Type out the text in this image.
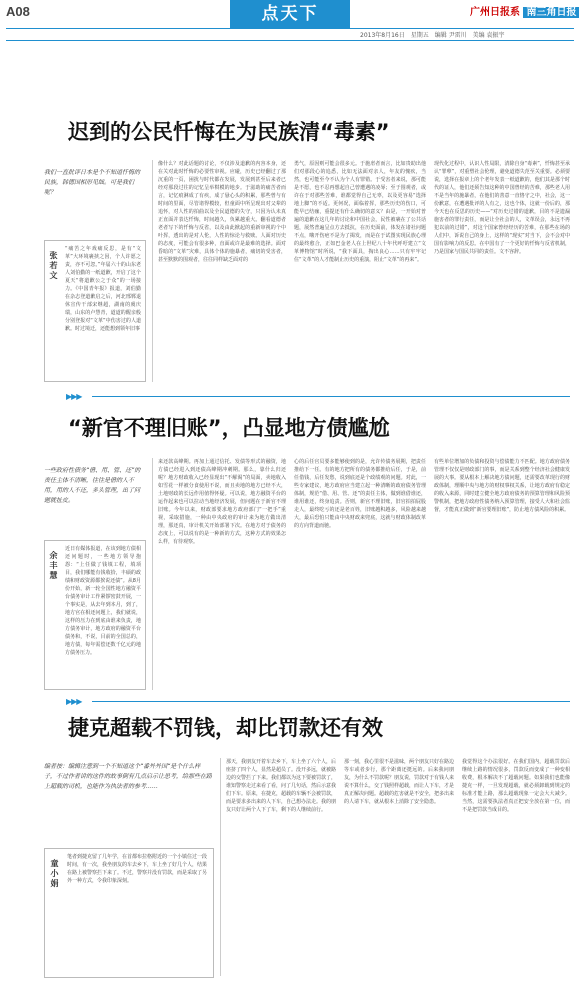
A08	点天下	广州日报系 南三角日报
2013年8月16日　星期五　编辑 尹雷川　美编 袁振宇
迟到的公民忏悔在为民族清“毒素”
我们一直批评日本是个不知道忏悔的民族，韩德国相形见绌。可是我们呢？
张若文
“痛苦之年戏痛反思，是有“文革”大环境裹挟之因，个人许愿之责，亦不可忽。”年届六十的山东老人刘伯勤的一纸道歉，开启了这个夏天“将道歉公之于众”的一场接力。《中国青年报》报道，刘伯勤在杂志登道歉启之后，河北邢郸退休宣传干部宋继超，湖南的虞庆瑞，山东的卢慧青，道道的醒亲般分别登报对“文革”中伤害过的人道歉。时过境迁，还能想到领年旧事
像什么？对此话题的讨论，不仅涉及道歉的内容本身，还在关对此时忏悔的必要性审视。应碰，历史已经翻过了那沉重的一页，困扰与时代都在发展，发展到甚至后来者已经对那段过往的记忆呈举棋模的地步。于滋助的痛苦者而言，记忆痕淋成了有疾，成了悬心头的积累，那些曾与有时间的里面，尽管诸得模较，但童面中所呈现出对父辈的追怀，对人性的拍曲以及全民道德的失守，只因为认未真正直面并表达忏悔，时间越久，负累越重大。翻看道德者老者写下的忏悔与反省，以及由此掀起的重新审视的个中叶挥，透出的是对人伦，人性的惊论与救赎。人面对历史的态度，可能会有很多种，直面或许是最难的选择。面对昏暗的“文革”灾难，具体个体的施暴者，痛切的受害者，甚至默默的围观者，往往同样缺乏面对的
勇气，原因则可能会很多元。于施虐者而言，比如贵助出他们对那段心的追悉，比如无法面对亲人，年友的愧疚，当然，也可能至今不认为个人有罪错。于受害者来说，那可能是不愿，也不忍再想起自己曾遭遇的凌辱；至于围观者，或许在于对那些苦难，谁都觉得自己无辜，以及更容易“选择地上脚”的不适。更何况，面临着挥，那些历史的伤口，可能早已结痂，重提还有什么确切的意义？由是，一开始对普遍的道歉在这几年的讨论和中国社会，民性被裹在了公共话题，展然普遍呈点方去抵抗，在历史面前，体发在诸社问题不点，嗨开伤疤不是为了揭发，而是在于试图实现民族心理的最终愈合，正如巴金老人在上世纪八十年代呼吁建立“文革博物馆”时所说，“我下面具，掏出良心……只有牢牢记住“文革”的人才能制止历史的重演，阻止“文革”的再来”。
现代化过程中，认识人性局限，清除自身“毒素”，忏悔甚至承认“罪孽”，对重塑社会伦理，避免道德失范至关重要。必须要说，选择在报章上的个老年发表一纸道歉的，他们其是那个时代的证人，他们还须告知这种的中国曾经的苦难，那些老人用不是当年的施暴者，在他们的善意一直恪守之中，社会，这一份歉意，在遭遇批评的人有之，这也个体，这就一份后的，那今天也在反思的历史——“对历史过错的道歉，目的不是遗漏施害者的罪行责任，而是让全社会的人，文革误会，永远不再犯以前的过错”，对这个国家曾经经历的苦难，在那些在场的人们中，诉说自己的身上，这样的“现实”对当下，会不会对中国有影响力的反思。在中国有了一个更好的忏悔与反省机制，乃是国家与国民共同的责任。文不容辞。
▶▶▶
“新官不理旧账”，凸显地方债尴尬
一些政府性债务“借、用、管、还”的责任主体不清晰，往往是借的人不用，用的人不还，多头管理，出了问题就扯皮。
余丰慧
近日有媒体报道，在该到地方债相还问题时，一些地方领导抱怨：“上任做了钱填工程，填项目，我们哪能有钱收拾，丰硕的政绩和财政资源都挨说还债”。从8月份开始，新一轮全国性地方融资平台债务审计工作紧锣密鼓开展，一个事实是，从去年到本月，到了，地方官在相还问题上，我们就说，这样的压力在到底由谁来负责，地方债务审计，地方政府的融资平台债务和，不说，目前的全国总的，地方债，每年需偿还数千亿元的地方债务压力。
来还款高峰期。再加上通过信托、发债等形式的融资，地方债已经进入到还债高峰期冲刺期。那么，靠什么归还呢？地方财政收入已经显现出“不解渴”的局面，卖地收入如雪花一样被分食使用不说，而且卖地的地方已经不大，土地财政的长远作用值得怀疑。可以说，地方融资平台的运作起来也可以拉动当地经济发展，但问题在于新官不理旧账。今年以来，财政部要求地方政府部门“一把手”重视，采取措施，一种由中央政府的审计来为地方做出清理，那还真，审计机关开始部署下次。在地方对于债务的态度上，可以说有的是一种新的方式，这种方式的效果怎么样，有待观察。
心的后任官员要多能够使到的是，允许传债务展期，把责任推给下一任。有的地方把所有的债务都推给后任，于是，前任借钱，后任发愁，说到底还是个政绩观的问题。对此，一些专家建议，地方政府应当建立起一种清晰的政府债务管理体制，规范“借、用、管、还”的责任主体，做到谁借谁还，谁用谁还，终身追责。否则，新官不理旧账，旧官拍拍屁股走人，最终吃亏的还是老百姓，旧账越积越多，风险越来越大，最后恐怕只能由中央财政来兜底，这就与财政体制改革的方向背道而驰。
有些单位增加的负债和投资与偿债能力不匹配。地方政府债务管理不仅仅是财政部门的事，而是关系到整个经济社会健康发展的大事。要从根本上解决地方债问题，还需要改革现行的财政体制，理顺中央与地方的财权事权关系，让地方政府有稳定的收入来源，同时建立健全地方政府债务的预算管理和风险预警机制，把地方政府性债务纳入预算管理，接受人大和社会监督，才能真正做到“新官要理旧账”，防止地方债风险的积累。
▶▶▶
捷克超载不罚钱，却比罚款还有效
编者按：编辑注意到一个不知道这个“番外外国“是个什么样子，不过作者讲的这件的故事倒有几点启示让思考，给那些在路上超载的司机，也能作为执法者的参考……
童小娟
笔者到捷克留了几年学，在首都布拉格附近的一个小镇住过一段时间，有一次，我坐朋友的车去乡下，车上坐了好几个人，结果在路上被警察拦下来了。不过，警察并没有罚款，而是采取了另外一种方式，令我印象深刻。
那天，我朋友开着车去乡下，车上坐了六个人，后座挤了四个人，显然是超员了。没开多远，就被路边的交警拦了下来。我们都以为这下要被罚款了，谁知警察走过来看了看，问了几句话，然后示意我们下车。原来，在捷克，超载的车辆不会被罚款，而是要求多出来的人下车，自己想办法走。我的朋友只好让两个人下了车，剩下的人继续前行。
那一刻，我心里很不是滋味，两个朋友只好在路边等车或者步行，那个距离还挺远的。后来我问朋友，为什么不罚款呢？朋友说，罚款对于有钱人来说不算什么，交了钱照样超载，而让人下车，才是真正解决问题。超载的危害就是不安全，把多出来的人请下车，就从根本上消除了安全隐患。
我觉得这个办法很好。在我们国内，超载罚款后继续上路的情况很多，罚款反而变成了一种变相收费，根本解决不了超载问题。如果我们也能像捷克一样，一旦发现超载，就必须卸载到规定的标准才能上路，那么超载现象一定会大大减少。当然，这需要执法者真正把安全放在第一位，而不是把罚款当成目的。
